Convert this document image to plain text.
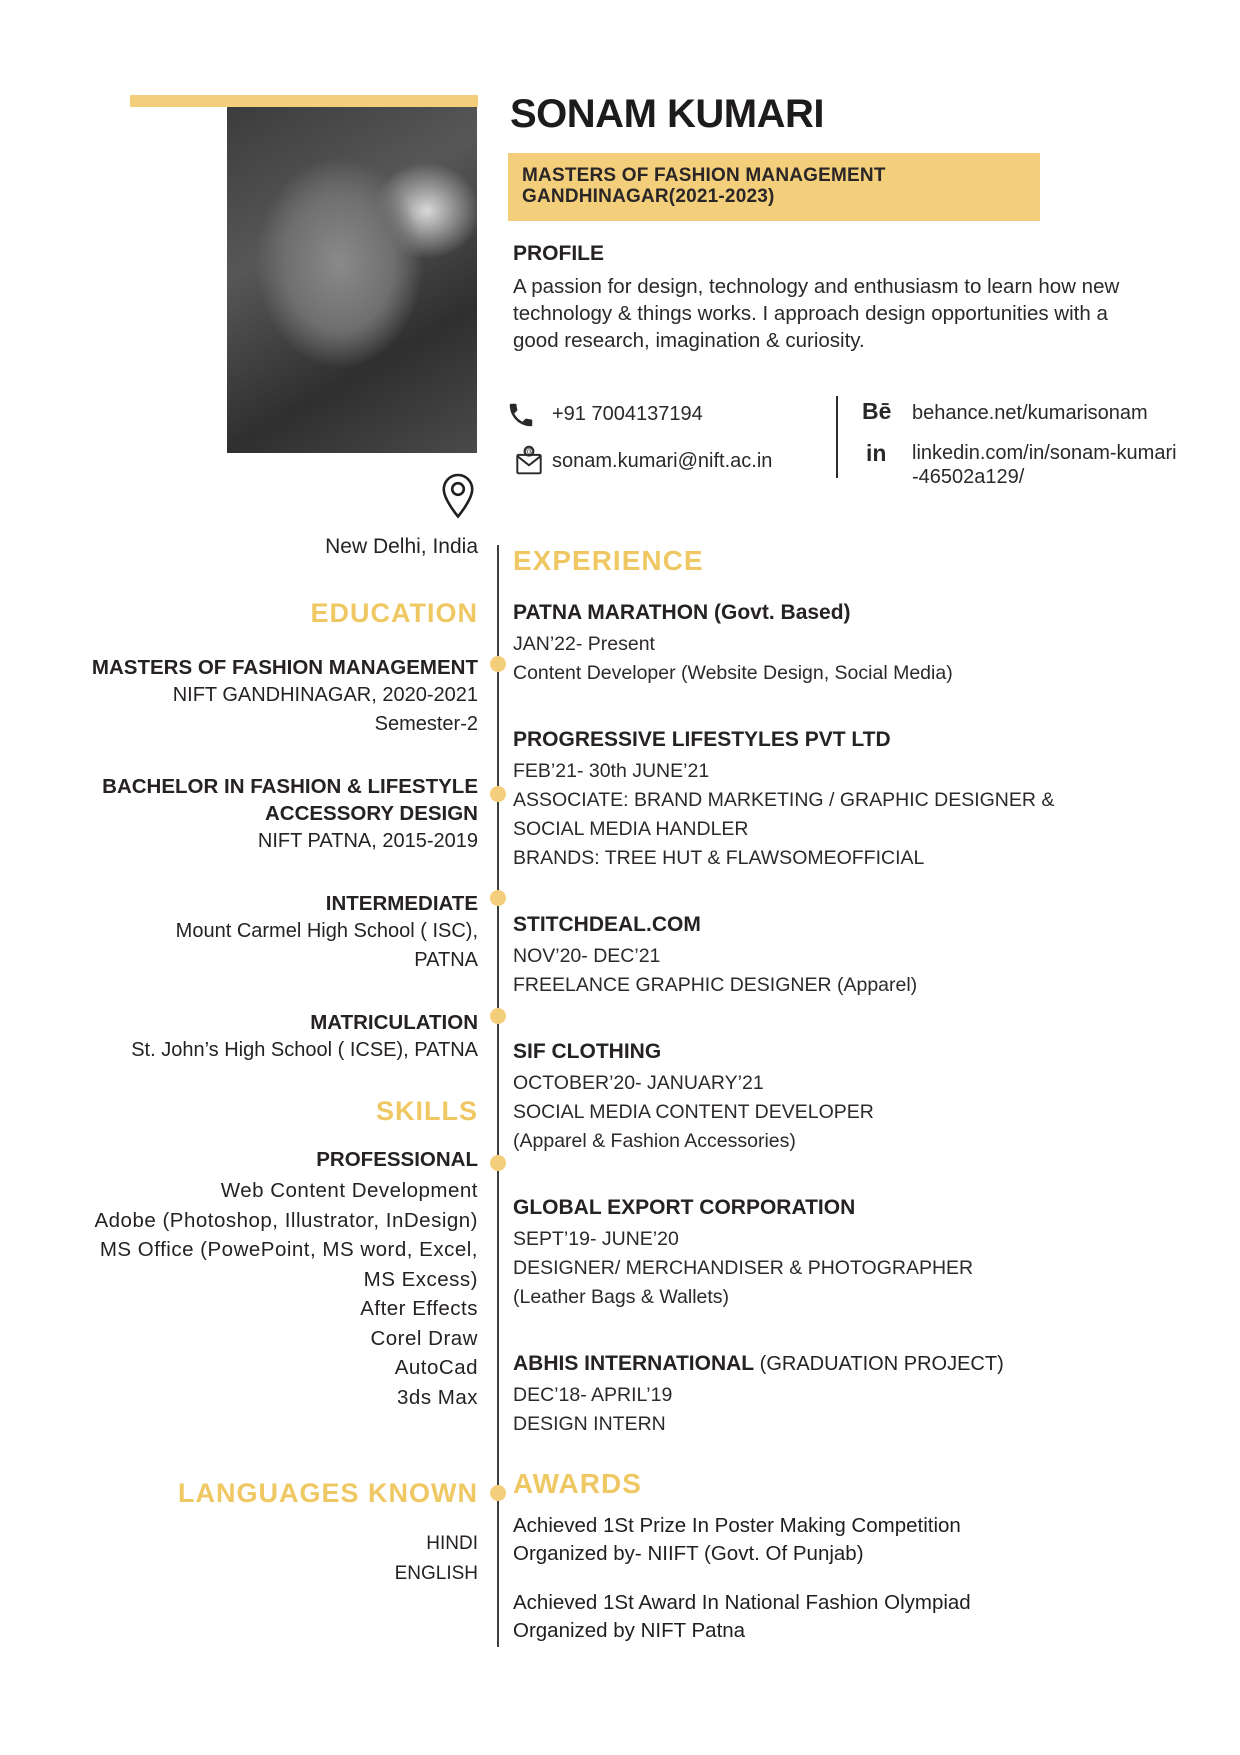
SONAM KUMARI
MASTERS OF FASHION MANAGEMENT
GANDHINAGAR(2021-2023)
PROFILE
A passion for design, technology and enthusiasm to learn how new technology & things works. I approach design opportunities with a good research, imagination & curiosity.
+91 7004137194
@ sonam.kumari@nift.ac.in
Bē behance.net/kumarisonam
in linkedin.com/in/sonam-kumari
-46502a129/
New Delhi, India
EDUCATION
MASTERS OF FASHION MANAGEMENT
NIFT GANDHINAGAR, 2020-2021
Semester-2
BACHELOR IN FASHION & LIFESTYLE ACCESSORY DESIGN
NIFT PATNA, 2015-2019
INTERMEDIATE
Mount Carmel High School ( ISC),
PATNA
MATRICULATION
St. John’s High School ( ICSE), PATNA
SKILLS
PROFESSIONAL
Web Content Development
Adobe (Photoshop, Illustrator, InDesign)
MS Office (PowePoint, MS word, Excel, MS Excess)
After Effects
Corel Draw
AutoCad
3ds Max
LANGUAGES KNOWN
HINDI
ENGLISH
EXPERIENCE
PATNA MARATHON (Govt. Based)
JAN’22- Present
Content Developer (Website Design, Social Media)
PROGRESSIVE LIFESTYLES PVT LTD
FEB’21- 30th JUNE’21
ASSOCIATE: BRAND MARKETING / GRAPHIC DESIGNER &
SOCIAL MEDIA HANDLER
BRANDS: TREE HUT & FLAWSOMEOFFICIAL
STITCHDEAL.COM
NOV’20- DEC’21
FREELANCE GRAPHIC DESIGNER (Apparel)
SIF CLOTHING
OCTOBER’20- JANUARY’21
SOCIAL MEDIA CONTENT DEVELOPER
(Apparel & Fashion Accessories)
GLOBAL EXPORT CORPORATION
SEPT’19- JUNE’20
DESIGNER/ MERCHANDISER & PHOTOGRAPHER
(Leather Bags & Wallets)
ABHIS INTERNATIONAL (GRADUATION PROJECT)
DEC’18- APRIL’19
DESIGN INTERN
AWARDS
Achieved 1St Prize In Poster Making Competition
Organized by- NIIFT (Govt. Of Punjab)
Achieved 1St Award In National Fashion Olympiad
Organized by NIFT Patna
